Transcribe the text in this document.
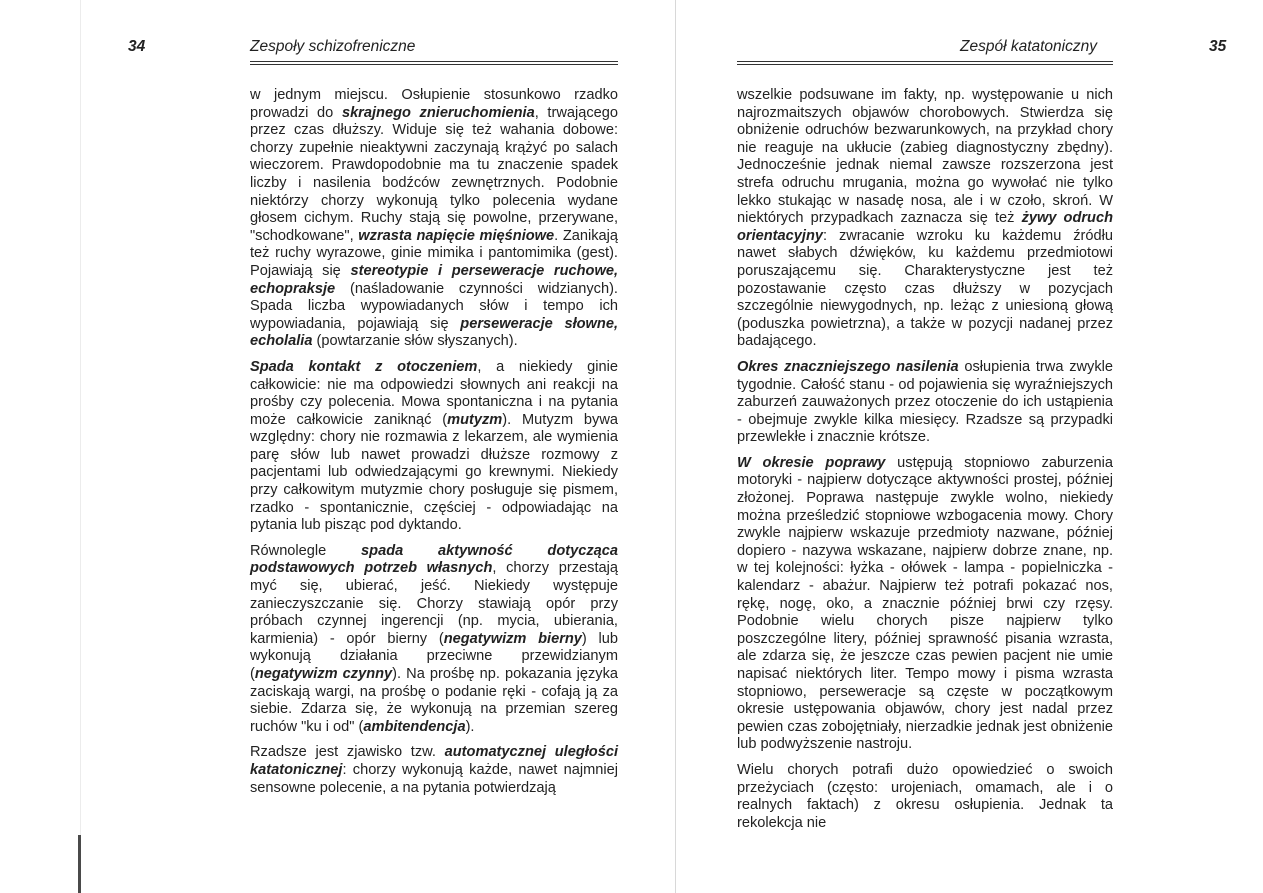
34	Zespoły schizofreniczne	Zespół katatoniczny	35

w jednym miejscu. Osłupienie stosunkowo rzadko prowadzi do skrajnego znieruchomienia, trwającego przez czas dłuższy. Widuje się też wahania dobowe: chorzy zupełnie nieaktywni zaczynają krążyć po salach wieczorem. Prawdopodobnie ma tu znaczenie spadek liczby i nasilenia bodźców zewnętrznych. Podobnie niektórzy chorzy wykonują tylko polecenia wydane głosem cichym. Ruchy stają się powolne, przerywane, "schodkowane", wzrasta napięcie mięśniowe. Zanikają też ruchy wyrazowe, ginie mimika i pantomimika (gest). Pojawiają się stereotypie i perseweracje ruchowe, echopraksje (naśladowanie czynności widzianych). Spada liczba wypowiadanych słów i tempo ich wypowiadania, pojawiają się perseweracje słowne, echolalia (powtarzanie słów słyszanych).

Spada kontakt z otoczeniem, a niekiedy ginie całkowicie: nie ma odpowiedzi słownych ani reakcji na prośby czy polecenia. Mowa spontaniczna i na pytania może całkowicie zaniknąć (mutyzm). Mutyzm bywa względny: chory nie rozmawia z lekarzem, ale wymienia parę słów lub nawet prowadzi dłuższe rozmowy z pacjentami lub odwiedzającymi go krewnymi. Niekiedy przy całkowitym mutyzmie chory posługuje się pismem, rzadko - spontanicznie, częściej - odpowiadając na pytania lub pisząc pod dyktando.

Równolegle spada aktywność dotycząca podstawowych potrzeb własnych, chorzy przestają myć się, ubierać, jeść. Niekiedy występuje zanieczyszczanie się. Chorzy stawiają opór przy próbach czynnej ingerencji (np. mycia, ubierania, karmienia) - opór bierny (negatywizm bierny) lub wykonują działania przeciwne przewidzianym (negatywizm czynny). Na prośbę np. pokazania języka zaciskają wargi, na prośbę o podanie ręki - cofają ją za siebie. Zdarza się, że wykonują na przemian szereg ruchów "ku i od" (ambitendencja).

Rzadsze jest zjawisko tzw. automatycznej uległości katatonicznej: chorzy wykonują każde, nawet najmniej sensowne polecenie, a na pytania potwierdzają

wszelkie podsuwane im fakty, np. występowanie u nich najrozmaitszych objawów chorobowych. Stwierdza się obniżenie odruchów bezwarunkowych, na przykład chory nie reaguje na ukłucie (zabieg diagnostyczny zbędny). Jednocześnie jednak niemal zawsze rozszerzona jest strefa odruchu mrugania, można go wywołać nie tylko lekko stukając w nasadę nosa, ale i w czoło, skroń. W niektórych przypadkach zaznacza się też żywy odruch orientacyjny: zwracanie wzroku ku każdemu źródłu nawet słabych dźwięków, ku każdemu przedmiotowi poruszającemu się. Charakterystyczne jest też pozostawanie często czas dłuższy w pozycjach szczególnie niewygodnych, np. leżąc z uniesioną głową (poduszka powietrzna), a także w pozycji nadanej przez badającego.

Okres znaczniejszego nasilenia osłupienia trwa zwykle tygodnie. Całość stanu - od pojawienia się wyraźniejszych zaburzeń zauważonych przez otoczenie do ich ustąpienia - obejmuje zwykle kilka miesięcy. Rzadsze są przypadki przewlekłe i znacznie krótsze.

W okresie poprawy ustępują stopniowo zaburzenia motoryki - najpierw dotyczące aktywności prostej, później złożonej. Poprawa następuje zwykle wolno, niekiedy można prześledzić stopniowe wzbogacenia mowy. Chory zwykle najpierw wskazuje przedmioty nazwane, później dopiero - nazywa wskazane, najpierw dobrze znane, np. w tej kolejności: łyżka - ołówek - lampa - popielniczka - kalendarz - abażur. Najpierw też potrafi pokazać nos, rękę, nogę, oko, a znacznie później brwi czy rzęsy. Podobnie wielu chorych pisze najpierw tylko poszczególne litery, później sprawność pisania wzrasta, ale zdarza się, że jeszcze czas pewien pacjent nie umie napisać niektórych liter. Tempo mowy i pisma wzrasta stopniowo, perseweracje są częste w początkowym okresie ustępowania objawów, chory jest nadal przez pewien czas zobojętniały, nierzadkie jednak jest obniżenie lub podwyższenie nastroju.

Wielu chorych potrafi dużo opowiedzieć o swoich przeżyciach (często: urojeniach, omamach, ale i o realnych faktach) z okresu osłupienia. Jednak ta rekolekcja nie
